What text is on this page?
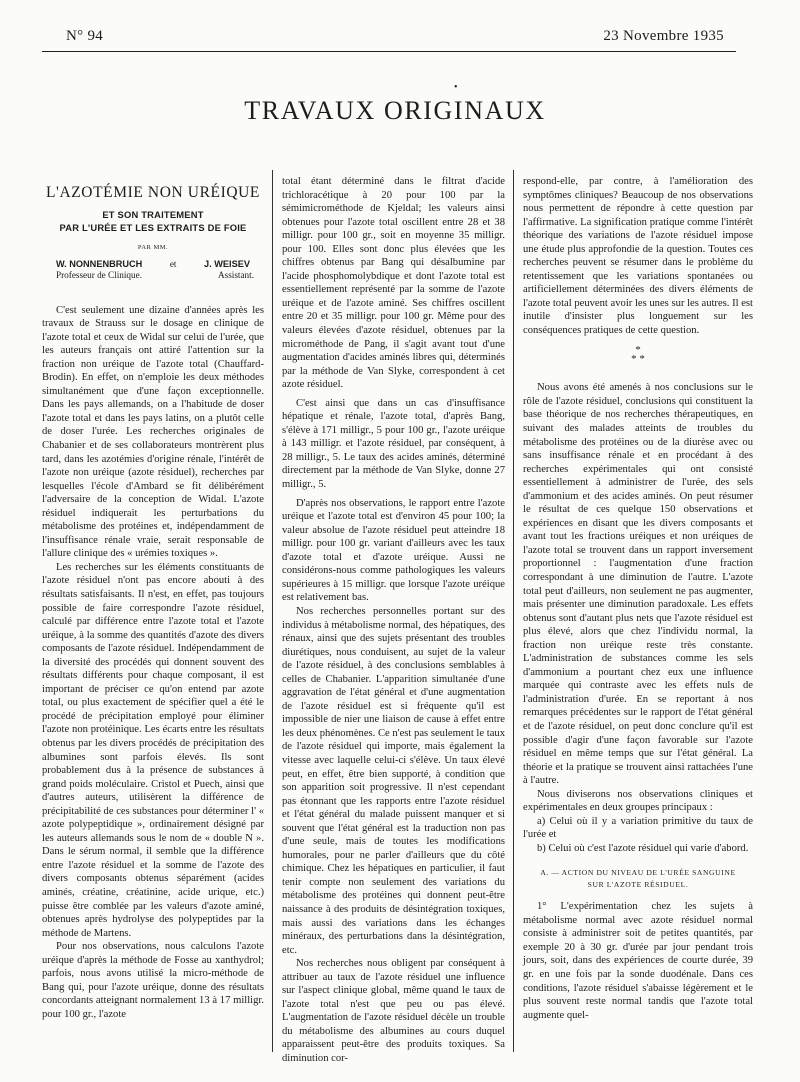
N° 94	23 Novembre 1935
•
TRAVAUX ORIGINAUX
L'AZOTÉMIE NON URÉIQUE
ET SON TRAITEMENT
PAR L'URÉE ET LES EXTRAITS DE FOIE
PAR MM.
W. NONNENBRUCH
Professeur de Clinique.
et	J. WEISEV
Assistant.

C'est seulement une dizaine d'années après les travaux de Strauss sur le dosage en clinique de l'azote total et ceux de Widal sur celui de l'urée, que les auteurs français ont attiré l'attention sur la fraction non uréique de l'azote total (Chauffard-Brodin). En effet, on n'emploie les deux méthodes simultanément que d'une façon exceptionnelle. Dans les pays allemands, on a l'habitude de doser l'azote total et dans les pays latins, on a plutôt celle de doser l'urée. Les recherches originales de Chabanier et de ses collaborateurs montrèrent plus tard, dans les azotémies d'origine rénale, l'intérêt de l'azote non uréique (azote résiduel), recherches par lesquelles l'école d'Ambard se fit délibérément l'adversaire de la conception de Widal. L'azote résiduel indiquerait les perturbations du métabolisme des protéines et, indépendamment de l'insuffisance rénale vraie, serait responsable de l'allure clinique des « urémies toxiques ».

Les recherches sur les éléments constituants de l'azote résiduel n'ont pas encore abouti à des résultats satisfaisants. Il n'est, en effet, pas toujours possible de faire correspondre l'azote résiduel, calculé par différence entre l'azote total et l'azote uréique, à la somme des quantités d'azote des divers composants de l'azote résiduel. Indépendamment de la diversité des procédés qui donnent souvent des résultats différents pour chaque composant, il est important de préciser ce qu'on entend par azote total, ou plus exactement de spécifier quel a été le procédé de précipitation employé pour éliminer l'azote non protéinique. Les écarts entre les résultats obtenus par les divers procédés de précipitation des albumines sont parfois élevés. Ils sont probablement dus à la présence de substances à grand poids moléculaire. Cristol et Puech, ainsi que d'autres auteurs, utilisèrent la différence de précipitabilité de ces substances pour déterminer l' « azote polypeptidique », ordinairement désigné par les auteurs allemands sous le nom de « double N ». Dans le sérum normal, il semble que la différence entre l'azote résiduel et la somme de l'azote des divers composants obtenus séparément (acides aminés, créatine, créatinine, acide urique, etc.) puisse être comblée par les valeurs d'azote aminé, obtenues après hydrolyse des polypeptides par la méthode de Martens.

Pour nos observations, nous calculons l'azote uréique d'après la méthode de Fosse au xanthydrol; parfois, nous avons utilisé la micro-méthode de Bang qui, pour l'azote uréique, donne des résultats concordants atteignant normalement 13 à 17 milligr. pour 100 gr., l'azote

total étant déterminé dans le filtrat d'acide trichloracétique à 20 pour 100 par la sémimicrométhode de Kjeldal; les valeurs ainsi obtenues pour l'azote total oscillent entre 28 et 38 milligr. pour 100 gr., soit en moyenne 35 milligr. pour 100. Elles sont donc plus élevées que les chiffres obtenus par Bang qui désalbumine par l'acide phosphomolybdique et dont l'azote total est essentiellement représenté par la somme de l'azote uréique et de l'azote aminé. Ses chiffres oscillent entre 20 et 35 milligr. pour 100 gr. Même pour des valeurs élevées d'azote résiduel, obtenues par la microméthode de Pang, il s'agit avant tout d'une augmentation d'acides aminés libres qui, déterminés par la méthode de Van Slyke, correspondent à cet azote résiduel.

C'est ainsi que dans un cas d'insuffisance hépatique et rénale, l'azote total, d'après Bang, s'élève à 171 milligr., 5 pour 100 gr., l'azote uréique à 143 milligr. et l'azote résiduel, par conséquent, à 28 milligr., 5. Le taux des acides aminés, déterminé directement par la méthode de Van Slyke, donne 27 milligr., 5.

D'après nos observations, le rapport entre l'azote uréique et l'azote total est d'environ 45 pour 100; la valeur absolue de l'azote résiduel peut atteindre 18 milligr. pour 100 gr. variant d'ailleurs avec les taux d'azote total et d'azote uréique. Aussi ne considérons-nous comme pathologiques les valeurs supérieures à 15 milligr. que lorsque l'azote uréique est relativement bas.

Nos recherches personnelles portant sur des individus à métabolisme normal, des hépatiques, des rénaux, ainsi que des sujets présentant des troubles diurétiques, nous conduisent, au sujet de la valeur de l'azote résiduel, à des conclusions semblables à celles de Chabanier. L'apparition simultanée d'une aggravation de l'état général et d'une augmentation de l'azote résiduel est si fréquente qu'il est impossible de nier une liaison de cause à effet entre les deux phénomènes. Ce n'est pas seulement le taux de l'azote résiduel qui importe, mais également la vitesse avec laquelle celui-ci s'élève. Un taux élevé peut, en effet, être bien supporté, à condition que son apparition soit progressive. Il n'est cependant pas étonnant que les rapports entre l'azote résiduel et l'état général du malade puissent manquer et si souvent que l'état général est la traduction non pas d'une seule, mais de toutes les modifications humorales, pour ne parler d'ailleurs que du côté chimique. Chez les hépatiques en particulier, il faut tenir compte non seulement des variations du métabolisme des protéines qui donnent peut-être naissance à des produits de désintégration toxiques, mais aussi des variations dans les échanges minéraux, des perturbations dans la désintégration, etc.

Nos recherches nous obligent par conséquent à attribuer au taux de l'azote résiduel une influence sur l'aspect clinique global, même quand le taux de l'azote total n'est que peu ou pas élevé. L'augmentation de l'azote résiduel décèle un trouble du métabolisme des albumines au cours duquel apparaissent peut-être des produits toxiques. Sa diminution cor-

respond-elle, par contre, à l'amélioration des symptômes cliniques? Beaucoup de nos observations nous permettent de répondre à cette question par l'affirmative. La signification pratique comme l'intérêt théorique des variations de l'azote résiduel impose une étude plus approfondie de la question. Toutes ces recherches peuvent se résumer dans le problème du retentissement que les variations spontanées ou artificiellement déterminées des divers éléments de l'azote total peuvent avoir les unes sur les autres. Il est inutile d'insister plus longuement sur les conséquences pratiques de cette question.

*
* *

Nous avons été amenés à nos conclusions sur le rôle de l'azote résiduel, conclusions qui constituent la base théorique de nos recherches thérapeutiques, en suivant des malades atteints de troubles du métabolisme des protéines ou de la diurèse avec ou sans insuffisance rénale et en procédant à des recherches expérimentales qui ont consisté essentiellement à administrer de l'urée, des sels d'ammonium et des acides aminés. On peut résumer le résultat de ces quelque 150 observations et expériences en disant que les divers composants et avant tout les fractions uréiques et non uréiques de l'azote total se trouvent dans un rapport inversement proportionnel : l'augmentation d'une fraction correspondant à une diminution de l'autre. L'azote total peut d'ailleurs, non seulement ne pas augmenter, mais présenter une diminution paradoxale. Les effets obtenus sont d'autant plus nets que l'azote résiduel est plus élevé, alors que chez l'individu normal, la fraction non uréique reste très constante. L'administration de substances comme les sels d'ammonium a pourtant chez eux une influence marquée qui contraste avec les effets nuls de l'administration d'urée. En se reportant à nos remarques précédentes sur le rapport de l'état général et de l'azote résiduel, on peut donc conclure qu'il est possible d'agir d'une façon favorable sur l'azote résiduel en même temps que sur l'état général. La théorie et la pratique se trouvent ainsi rattachées l'une à l'autre.

Nous diviserons nos observations cliniques et expérimentales en deux groupes principaux :

a) Celui où il y a variation primitive du taux de l'urée et

b) Celui où c'est l'azote résiduel qui varie d'abord.

A. — ACTION DU NIVEAU DE L'URÉE SANGUINE
SUR L'AZOTE RÉSIDUEL.

1° L'expérimentation chez les sujets à métabolisme normal avec azote résiduel normal consiste à administrer soit de petites quantités, par exemple 20 à 30 gr. d'urée par jour pendant trois jours, soit, dans des expériences de courte durée, 39 gr. en une fois par la sonde duodénale. Dans ces conditions, l'azote résiduel s'abaisse légèrement et le plus souvent reste normal tandis que l'azote total augmente quel-
